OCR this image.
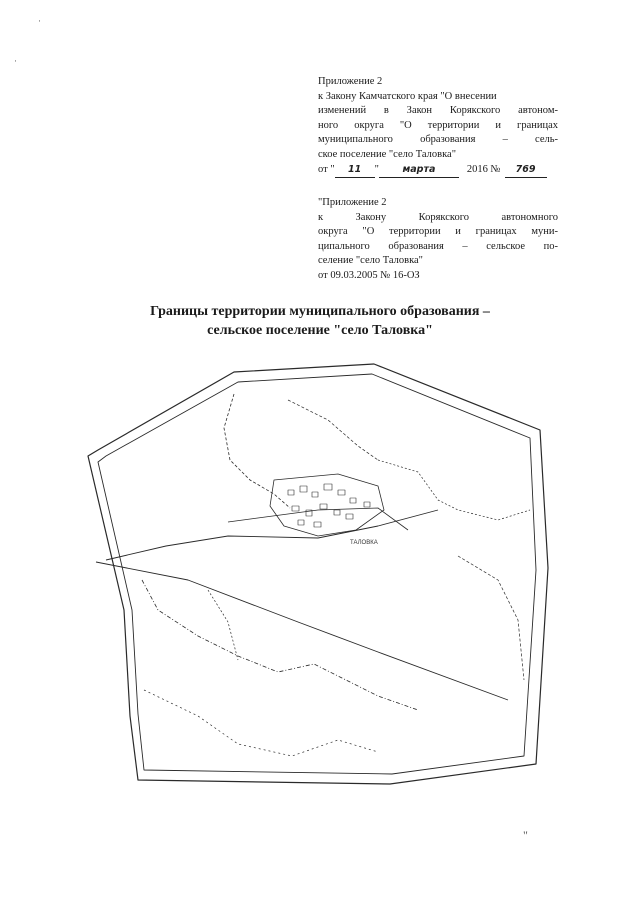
·
·
"
Приложение 2
к Закону Камчатского края "О внесении
изменений в Закон Корякского автоном-
ного округа "О территории и границах
муниципального образования – сель-
ское поселение "село Таловка"
от "	11	"	марта	2016 №	769
"Приложение 2
к Закону Корякского автономного
округа "О территории и границах муни-
ципального образования – сельское по-
селение "село Таловка"
от 09.03.2005 № 16-ОЗ
Границы территории муниципального образования –
сельское поселение "село Таловка"
ТАЛОВКА
